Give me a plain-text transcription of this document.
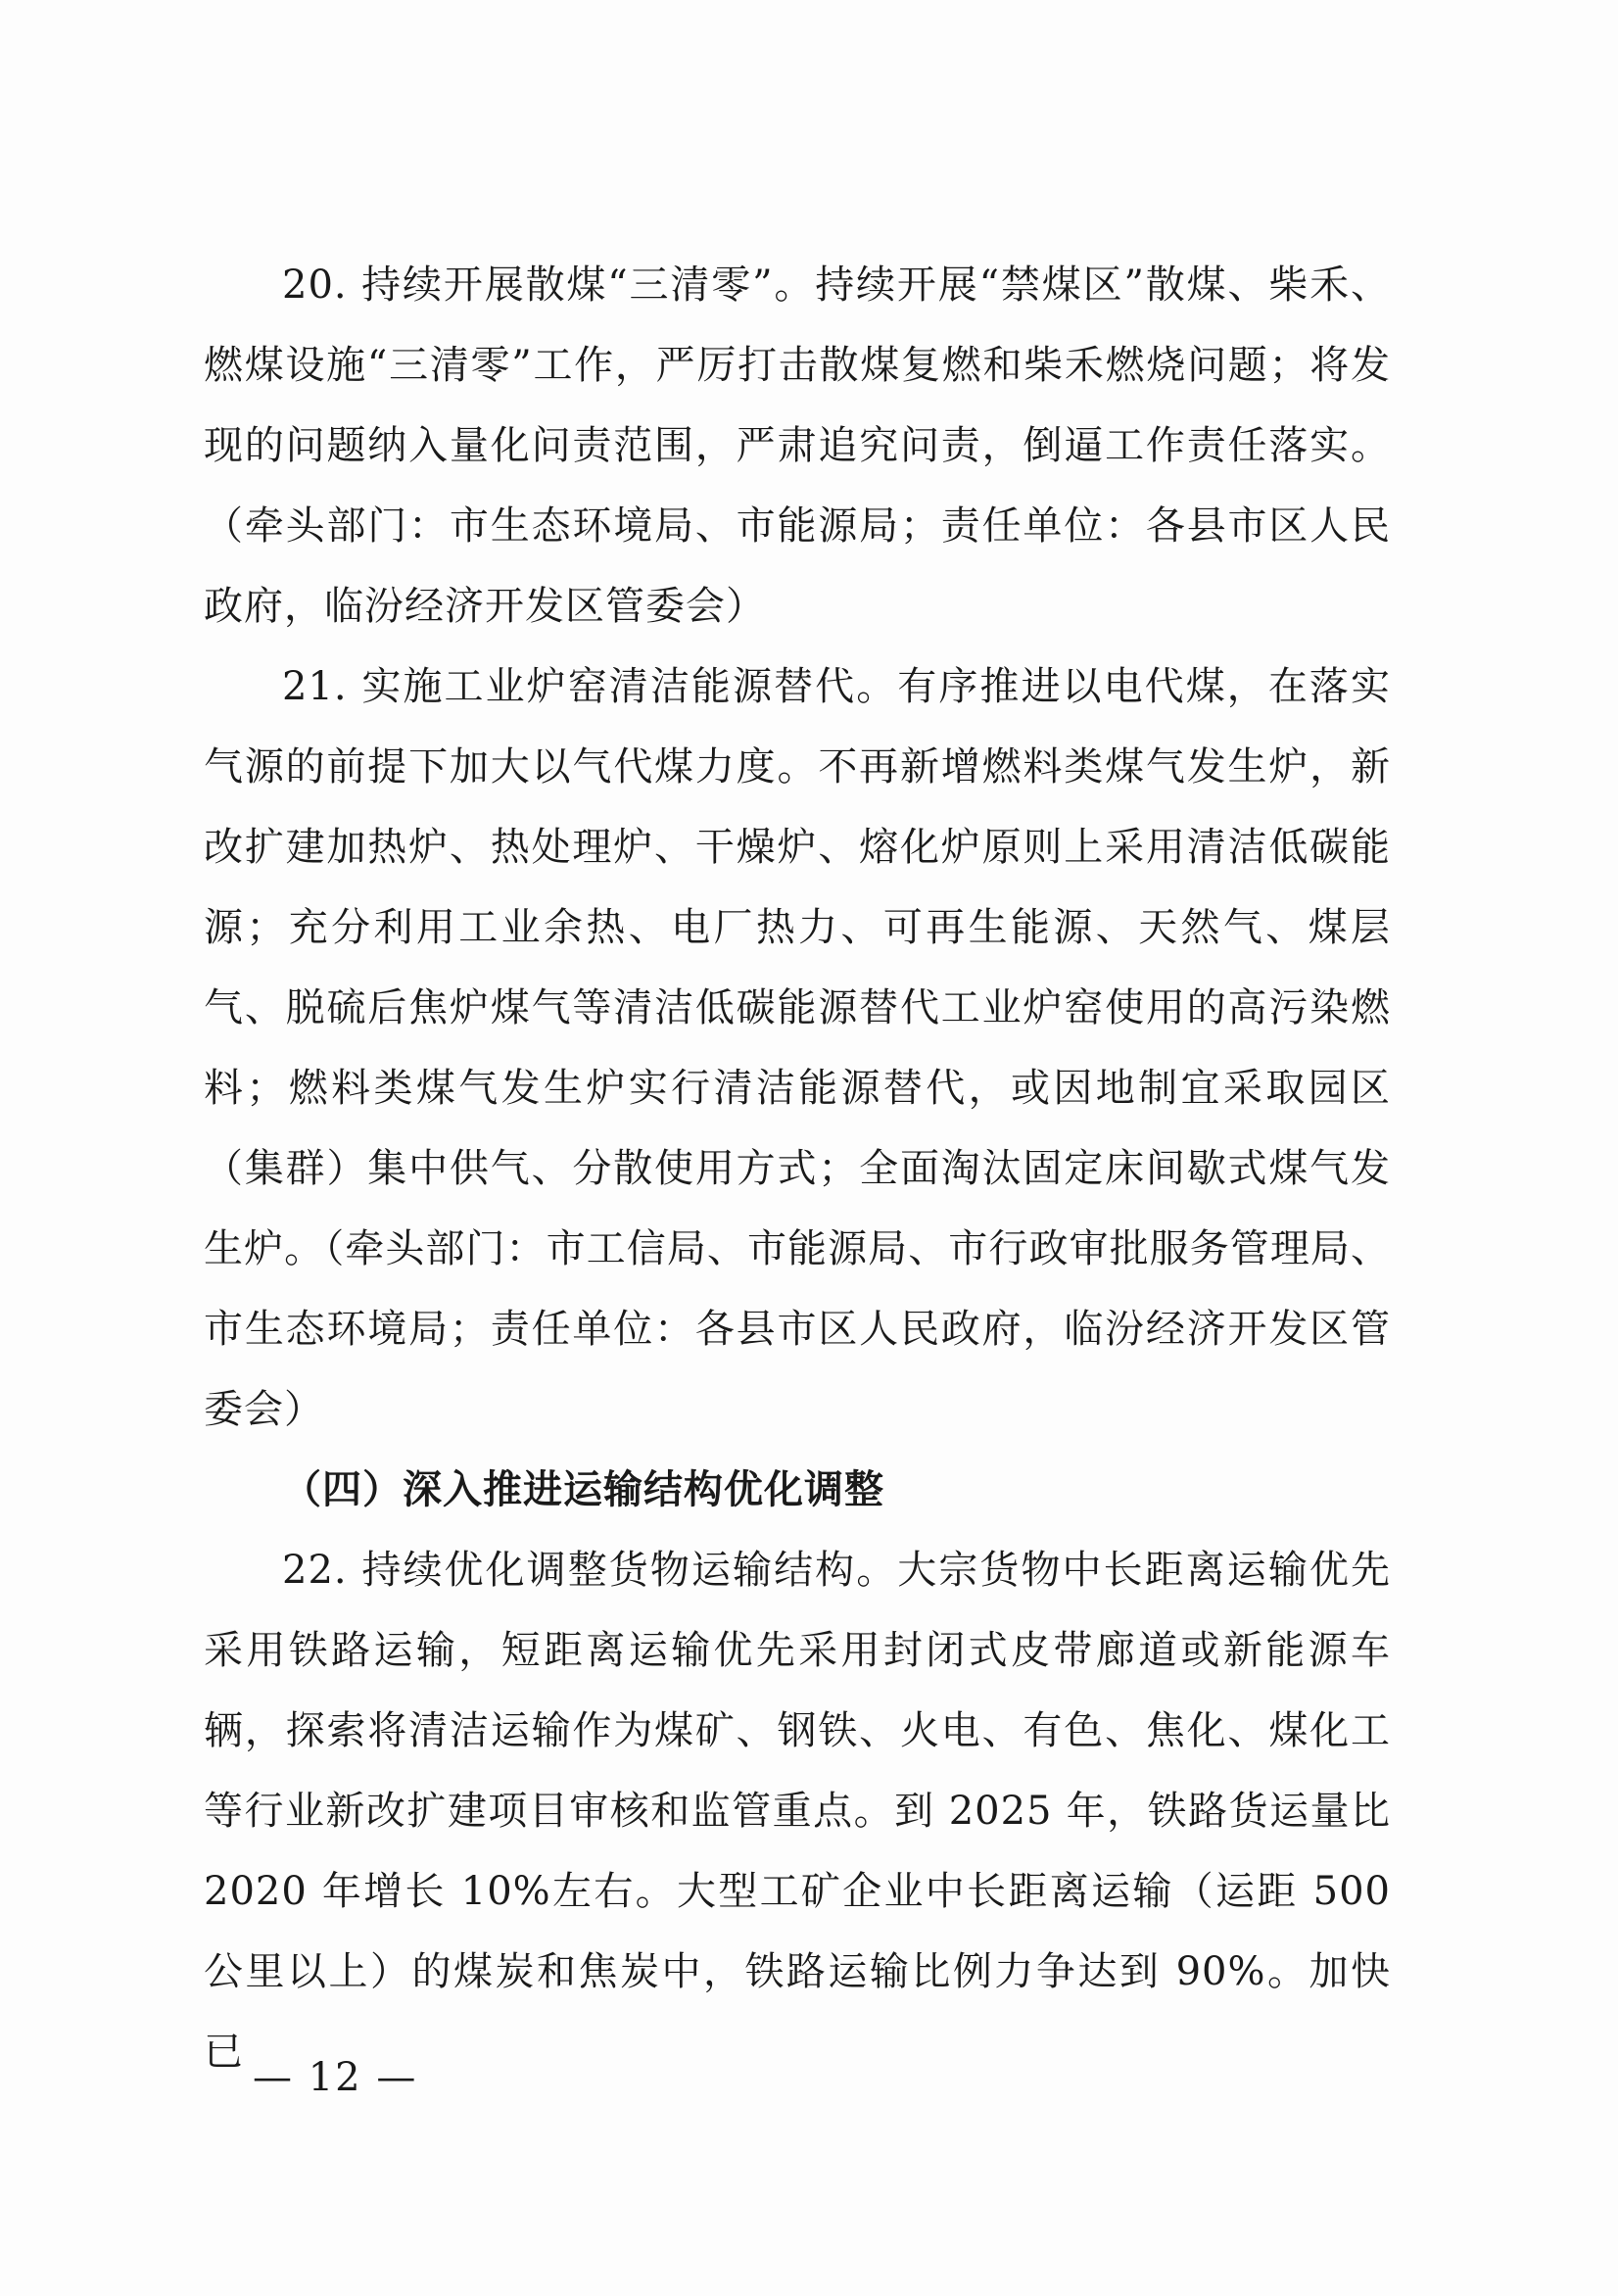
20. 持续开展散煤“三清零”。持续开展“禁煤区”散煤、柴禾、燃煤设施“三清零”工作，严厉打击散煤复燃和柴禾燃烧问题；将发现的问题纳入量化问责范围，严肃追究问责，倒逼工作责任落实。（牵头部门：市生态环境局、市能源局；责任单位：各县市区人民政府，临汾经济开发区管委会）

21. 实施工业炉窑清洁能源替代。有序推进以电代煤，在落实气源的前提下加大以气代煤力度。不再新增燃料类煤气发生炉，新改扩建加热炉、热处理炉、干燥炉、熔化炉原则上采用清洁低碳能源；充分利用工业余热、电厂热力、可再生能源、天然气、煤层气、脱硫后焦炉煤气等清洁低碳能源替代工业炉窑使用的高污染燃料；燃料类煤气发生炉实行清洁能源替代，或因地制宜采取园区（集群）集中供气、分散使用方式；全面淘汰固定床间歇式煤气发生炉。（牵头部门：市工信局、市能源局、市行政审批服务管理局、市生态环境局；责任单位：各县市区人民政府，临汾经济开发区管委会）

（四）深入推进运输结构优化调整

22. 持续优化调整货物运输结构。大宗货物中长距离运输优先采用铁路运输，短距离运输优先采用封闭式皮带廊道或新能源车辆，探索将清洁运输作为煤矿、钢铁、火电、有色、焦化、煤化工等行业新改扩建项目审核和监管重点。到 2025 年，铁路货运量比 2020 年增长 10%左右。大型工矿企业中长距离运输（运距 500 公里以上）的煤炭和焦炭中，铁路运输比例力争达到 90%。加快已

— 12 —
